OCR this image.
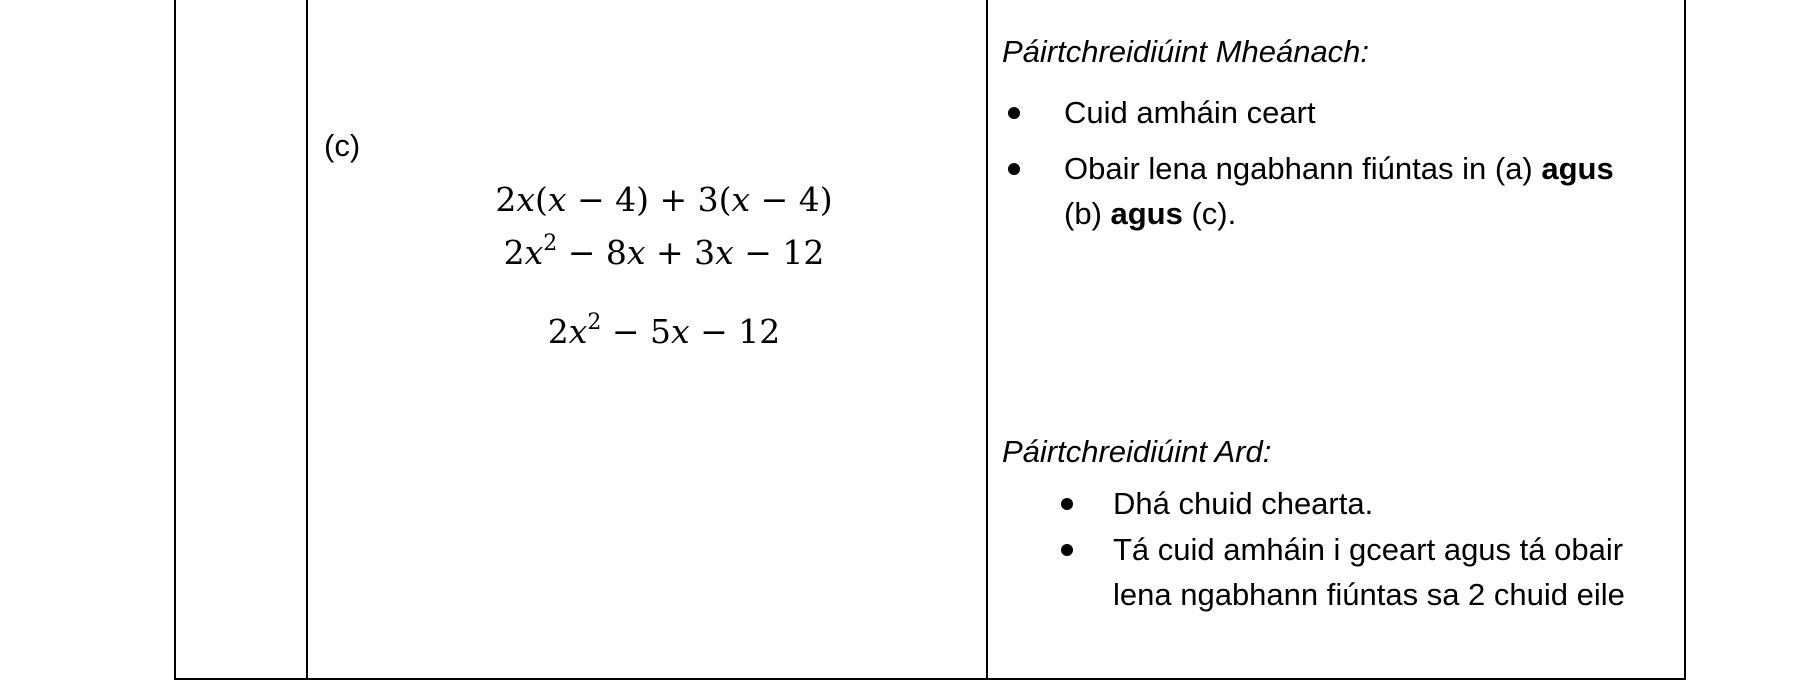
(c)
2x(x − 4) + 3(x − 4)
$2x^2 - 8x + 3x - 12$
$2x^2 - 5x - 12$
Páirtchreidiúint Mheánach:
Cuid amháin ceart
Obair lena ngabhann fiúntas in (a) agus
(b) agus (c).
Páirtchreidiúint Ard:
Dhá chuid chearta.
Tá cuid amháin i gceart agus tá obair lena ngabhann fiúntas sa 2 chuid eile
